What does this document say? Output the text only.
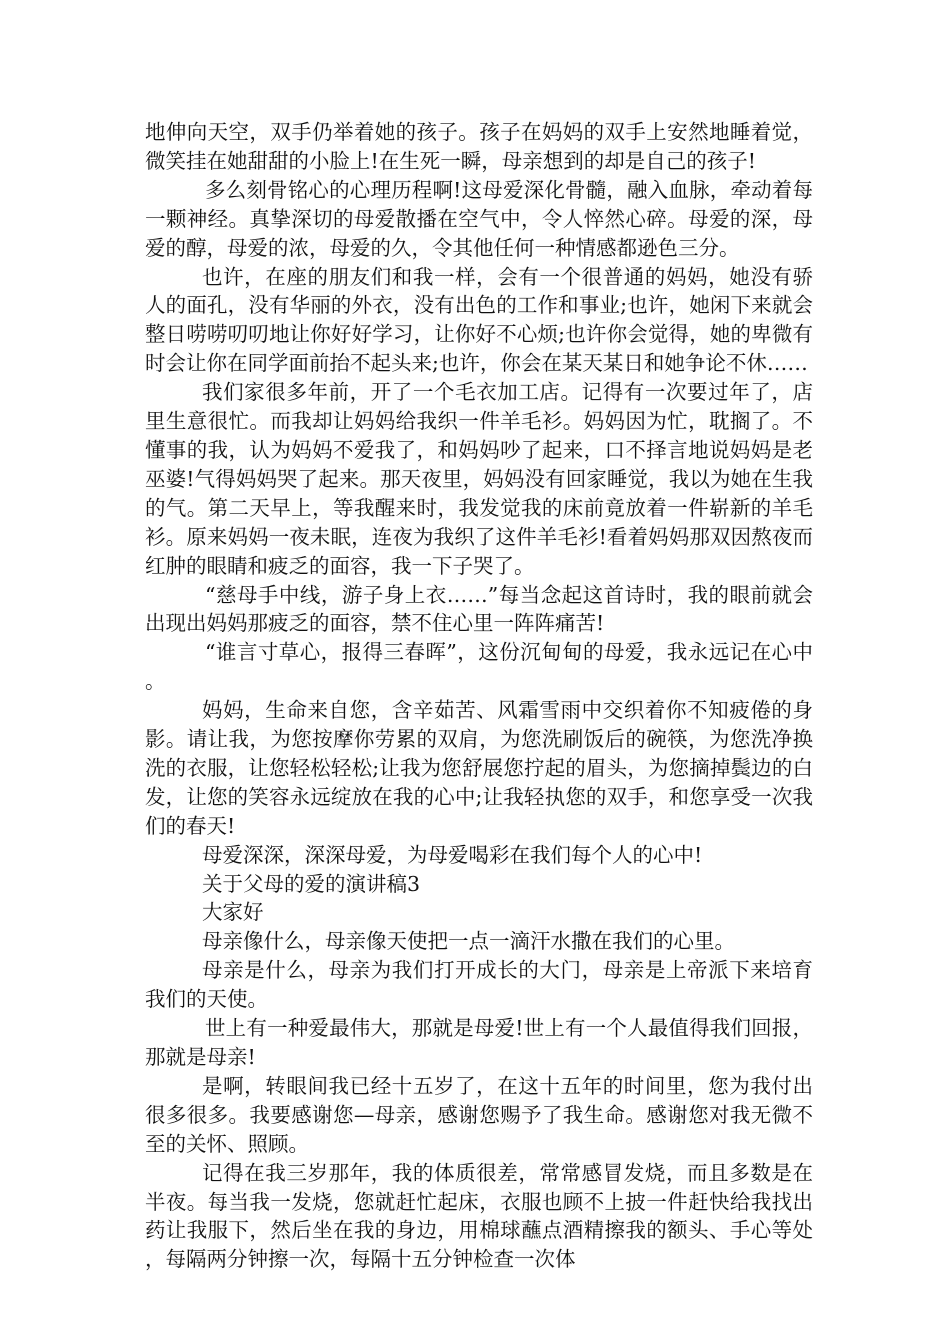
地伸向天空，双手仍举着她的孩子。孩子在妈妈的双手上安然地睡着觉，微笑挂在她甜甜的小脸上!在生死一瞬，母亲想到的却是自己的孩子!

多么刻骨铭心的心理历程啊!这母爱深化骨髓，融入血脉，牵动着每一颗神经。真挚深切的母爱散播在空气中，令人悴然心碎。母爱的深，母爱的醇，母爱的浓，母爱的久，令其他任何一种情感都逊色三分。

也许，在座的朋友们和我一样，会有一个很普通的妈妈，她没有骄人的面孔，没有华丽的外衣，没有出色的工作和事业;也许，她闲下来就会整日唠唠叨叨地让你好好学习，让你好不心烦;也许你会觉得，她的卑微有时会让你在同学面前抬不起头来;也许，你会在某天某日和她争论不休……

我们家很多年前，开了一个毛衣加工店。记得有一次要过年了，店里生意很忙。而我却让妈妈给我织一件羊毛衫。妈妈因为忙，耽搁了。不懂事的我，认为妈妈不爱我了，和妈妈吵了起来，口不择言地说妈妈是老巫婆!气得妈妈哭了起来。那天夜里，妈妈没有回家睡觉，我以为她在生我的气。第二天早上，等我醒来时，我发觉我的床前竟放着一件崭新的羊毛衫。原来妈妈一夜未眠，连夜为我织了这件羊毛衫!看着妈妈那双因熬夜而红肿的眼睛和疲乏的面容，我一下子哭了。

“慈母手中线，游子身上衣……”每当念起这首诗时，我的眼前就会出现出妈妈那疲乏的面容，禁不住心里一阵阵痛苦!

“谁言寸草心，报得三春晖”，这份沉甸甸的母爱，我永远记在心中。

妈妈，生命来自您，含辛茹苦、风霜雪雨中交织着你不知疲倦的身影。请让我，为您按摩你劳累的双肩，为您洗刷饭后的碗筷，为您洗净换洗的衣服，让您轻松轻松;让我为您舒展您拧起的眉头，为您摘掉鬓边的白发，让您的笑容永远绽放在我的心中;让我轻执您的双手，和您享受一次我们的春天!

母爱深深，深深母爱，为母爱喝彩在我们每个人的心中!

关于父母的爱的演讲稿3

大家好

母亲像什么，母亲像天使把一点一滴汗水撒在我们的心里。

母亲是什么，母亲为我们打开成长的大门，母亲是上帝派下来培育我们的天使。

世上有一种爱最伟大，那就是母爱!世上有一个人最值得我们回报，那就是母亲!

是啊，转眼间我已经十五岁了，在这十五年的时间里，您为我付出很多很多。我要感谢您—母亲，感谢您赐予了我生命。感谢您对我无微不至的关怀、照顾。

记得在我三岁那年，我的体质很差，常常感冒发烧，而且多数是在半夜。每当我一发烧，您就赶忙起床，衣服也顾不上披一件赶快给我找出药让我服下，然后坐在我的身边，用棉球蘸点酒精擦我的额头、手心等处，每隔两分钟擦一次，每隔十五分钟检查一次体
